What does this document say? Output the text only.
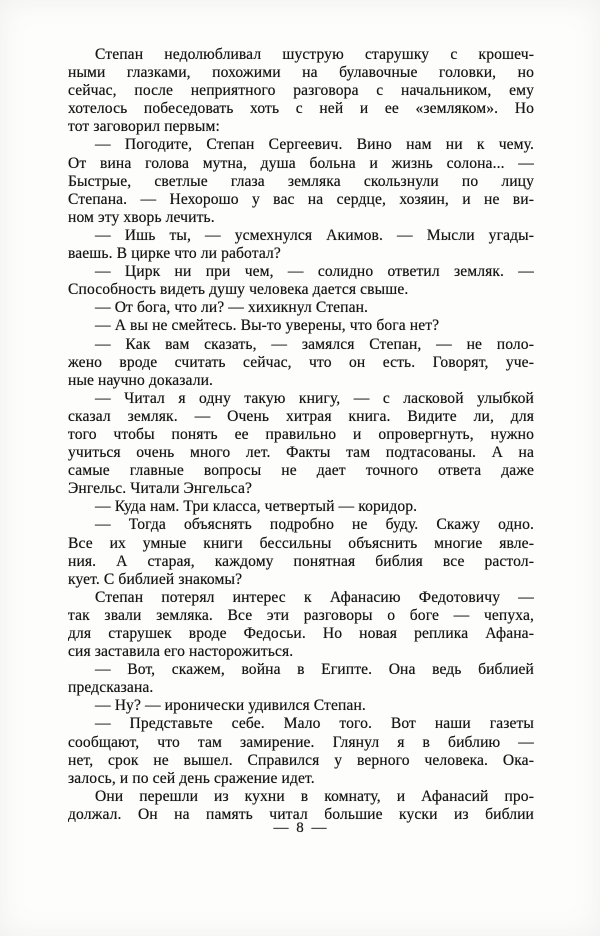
Степан недолюбливал шуструю старушку с крошеч-
ными глазками, похожими на булавочные головки, но
сейчас, после неприятного разговора с начальником, ему
хотелось побеседовать хоть с ней и ее «земляком». Но
тот заговорил первым:
— Погодите, Степан Сергеевич. Вино нам ни к чему.
От вина голова мутна, душа больна и жизнь солона... —
Быстрые, светлые глаза земляка скользнули по лицу
Степана. — Нехорошо у вас на сердце, хозяин, и не ви-
ном эту хворь лечить.
— Ишь ты, — усмехнулся Акимов. — Мысли угады-
ваешь. В цирке что ли работал?
— Цирк ни при чем, — солидно ответил земляк. —
Способность видеть душу человека дается свыше.
— От бога, что ли? — хихикнул Степан.
— А вы не смейтесь. Вы-то уверены, что бога нет?
— Как вам сказать, — замялся Степан, — не поло-
жено вроде считать сейчас, что он есть. Говорят, уче-
ные научно доказали.
— Читал я одну такую книгу, — с ласковой улыбкой
сказал земляк. — Очень хитрая книга. Видите ли, для
того чтобы понять ее правильно и опровергнуть, нужно
учиться очень много лет. Факты там подтасованы. А на
самые главные вопросы не дает точного ответа даже
Энгельс. Читали Энгельса?
— Куда нам. Три класса, четвертый — коридор.
— Тогда объяснять подробно не буду. Скажу одно.
Все их умные книги бессильны объяснить многие явле-
ния. А старая, каждому понятная библия все растол-
кует. С библией знакомы?
Степан потерял интерес к Афанасию Федотовичу —
так звали земляка. Все эти разговоры о боге — чепуха,
для старушек вроде Федосьи. Но новая реплика Афана-
сия заставила его насторожиться.
— Вот, скажем, война в Египте. Она ведь библией
предсказана.
— Ну? — иронически удивился Степан.
— Представьте себе. Мало того. Вот наши газеты
сообщают, что там замирение. Глянул я в библию —
нет, срок не вышел. Справился у верного человека. Ока-
залось, и по сей день сражение идет.
Они перешли из кухни в комнату, и Афанасий про-
должал. Он на память читал большие куски из библии
— 8 —
